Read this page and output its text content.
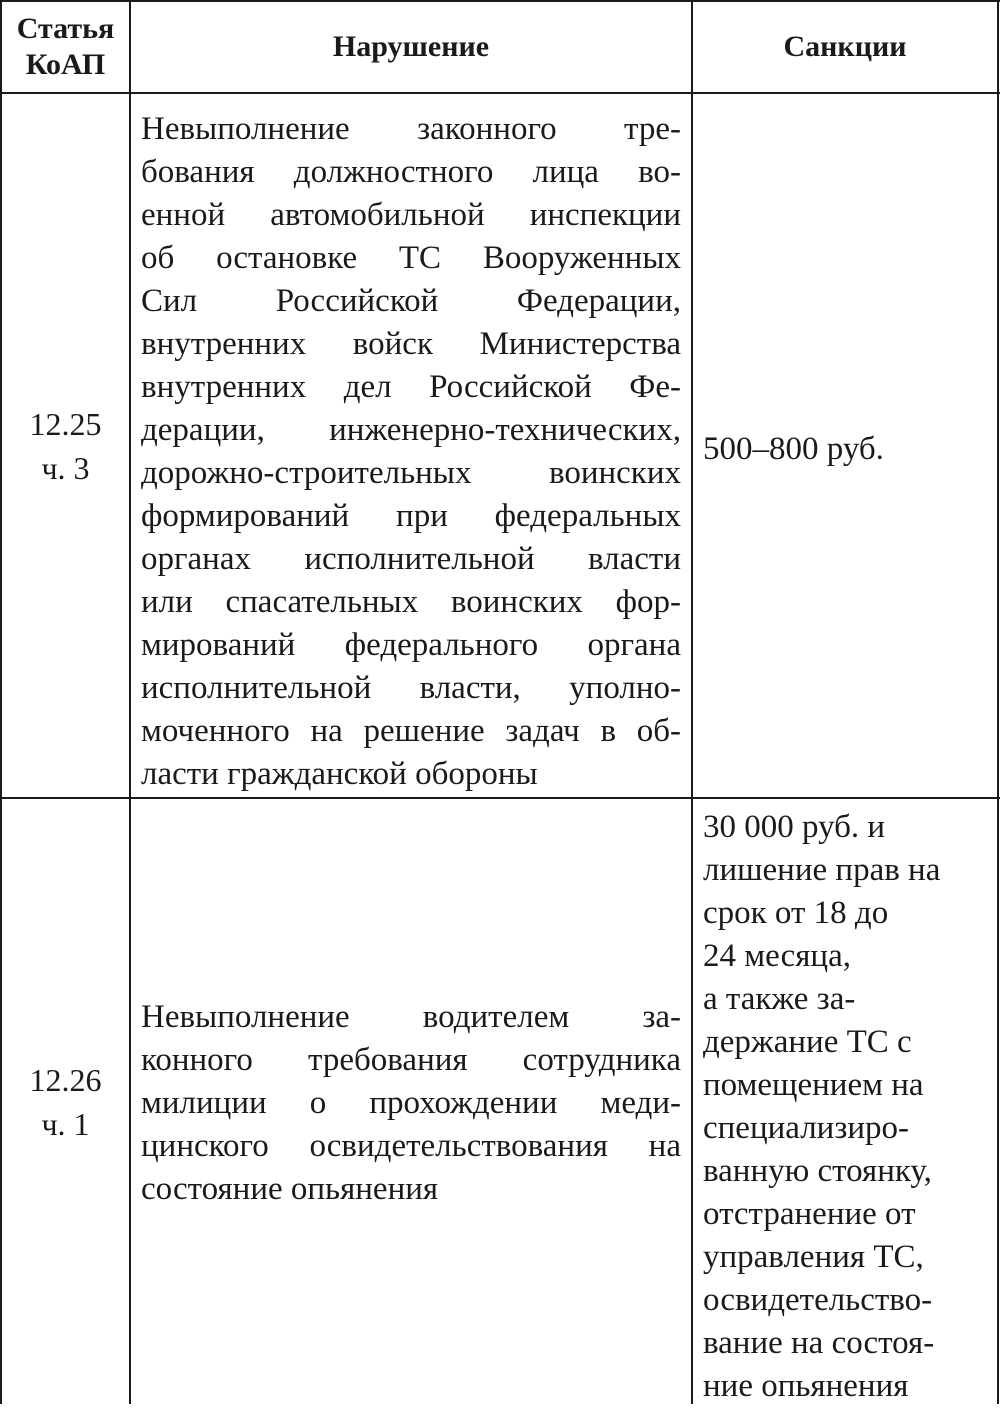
Статья
КоАП
Нарушение	Санкции
12.25
ч. 3
Невыполнение законного тре-
бования должностного лица во-
енной автомобильной инспекции
об остановке ТС Вооруженных
Сил Российской Федерации,
внутренних войск Министерства
внутренних дел Российской Фе-
дерации, инженерно-технических,
дорожно-строительных воинских
формирований при федеральных
органах исполнительной власти
или спасательных воинских фор-
мирований федерального органа
исполнительной власти, уполно-
моченного на решение задач в об-
ласти гражданской обороны
500–800 руб.
12.26
ч. 1
Невыполнение водителем за-
конного требования сотрудника
милиции о прохождении меди-
цинского освидетельствования на
состояние опьянения
30 000 руб. и
лишение прав на
срок от 18 до
24 месяца,
а также за-
держание ТС с
помещением на
специализиро-
ванную стоянку,
отстранение от
управления ТС,
освидетельство-
вание на состоя-
ние опьянения
